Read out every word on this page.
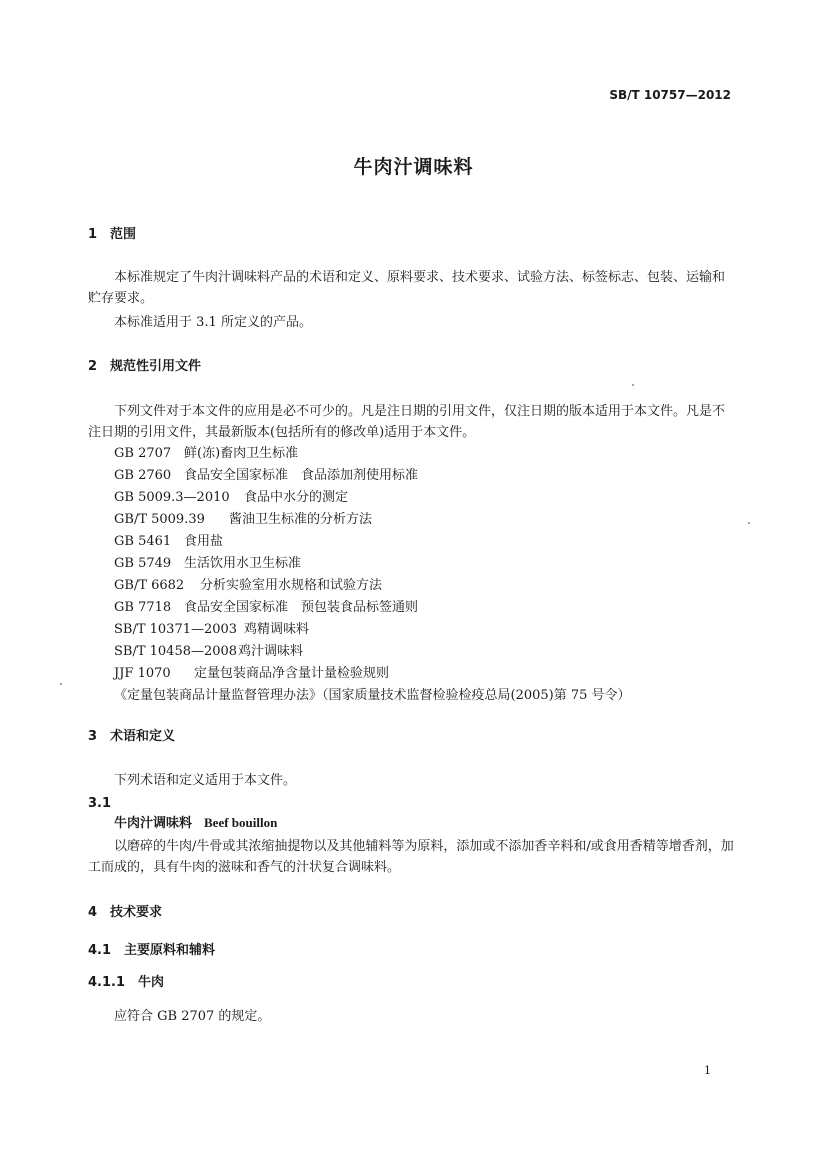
SB/T 10757—2012
牛肉汁调味料
1　范围
本标准规定了牛肉汁调味料产品的术语和定义、原料要求、技术要求、试验方法、标签标志、包装、运输和贮存要求。
本标准适用于 3.1 所定义的产品。
2　规范性引用文件
下列文件对于本文件的应用是必不可少的。凡是注日期的引用文件，仅注日期的版本适用于本文件。凡是不注日期的引用文件，其最新版本(包括所有的修改单)适用于本文件。
GB 2707 鲜(冻)畜肉卫生标准
GB 2760 食品安全国家标准　食品添加剂使用标准
GB 5009.3—2010 食品中水分的测定
GB/T 5009.39 酱油卫生标准的分析方法
GB 5461 食用盐
GB 5749 生活饮用水卫生标准
GB/T 6682 分析实验室用水规格和试验方法
GB 7718 食品安全国家标准　预包装食品标签通则
SB/T 10371—2003 鸡精调味料
SB/T 10458—2008鸡汁调味料
JJF 1070 定量包装商品净含量计量检验规则
《定量包装商品计量监督管理办法》（国家质量技术监督检验检疫总局(2005)第 75 号令）
3　术语和定义
下列术语和定义适用于本文件。
3.1
牛肉汁调味料 Beef bouillon
以磨碎的牛肉/牛骨或其浓缩抽提物以及其他辅料等为原料，添加或不添加香辛料和/或食用香精等增香剂，加工而成的，具有牛肉的滋味和香气的汁状复合调味料。
4　技术要求
4.1　主要原料和辅料
4.1.1　牛肉
应符合 GB 2707 的规定。
1
